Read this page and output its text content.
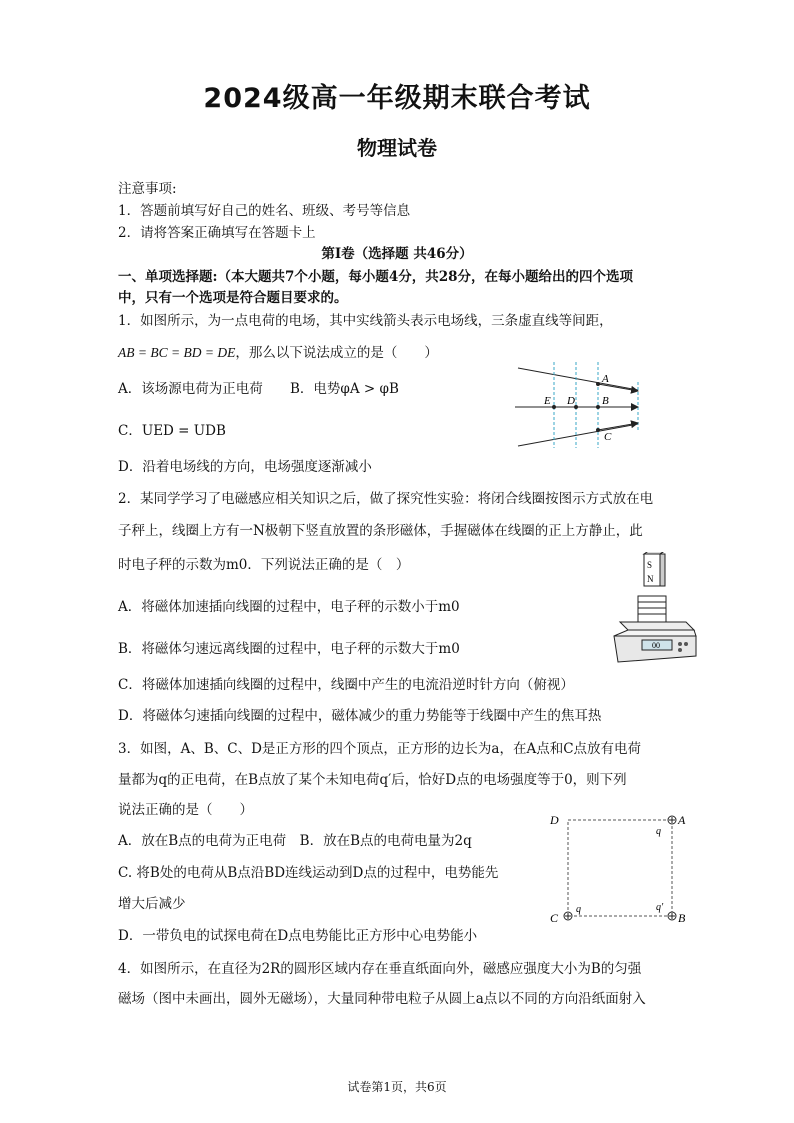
2024级高一年级期末联合考试
物理试卷
注意事项:
1．答题前填写好自己的姓名、班级、考号等信息
2．请将答案正确填写在答题卡上
第I卷（选择题 共46分）
一、单项选择题:（本大题共7个小题，每小题4分，共28分，在每小题给出的四个选项
中，只有一个选项是符合题目要求的。
1．如图所示，为一点电荷的电场，其中实线箭头表示电场线，三条虚直线等间距，
AB = BC = BD = DE，那么以下说法成立的是（　　）
A．该场源电荷为正电荷 B．电势φA > φB
C．UED = UDB
D．沿着电场线的方向，电场强度逐渐减小
A
E D B
C
2．某同学学习了电磁感应相关知识之后，做了探究性实验：将闭合线圈按图示方式放在电
子秤上，线圈上方有一N极朝下竖直放置的条形磁体，手握磁体在线圈的正上方静止，此
时电子秤的示数为m0．下列说法正确的是（　）
A．将磁体加速插向线圈的过程中，电子秤的示数小于m0
B．将磁体匀速远离线圈的过程中，电子秤的示数大于m0
C．将磁体加速插向线圈的过程中，线圈中产生的电流沿逆时针方向（俯视）
D．将磁体匀速插向线圈的过程中，磁体减少的重力势能等于线圈中产生的焦耳热
S
N
00
3．如图，A、B、C、D是正方形的四个顶点，正方形的边长为a，在A点和C点放有电荷
量都为q的正电荷，在B点放了某个未知电荷q′后，恰好D点的电场强度等于0，则下列
说法正确的是（　　）
A．放在B点的电荷为正电荷　B．放在B点的电荷电量为2q
C. 将B处的电荷从B点沿BD连线运动到D点的过程中，电势能先
增大后减少
D．一带负电的试探电荷在D点电势能比正方形中心电势能小
D	A
C	B
q
q	q′
4．如图所示，在直径为2R的圆形区域内存在垂直纸面向外，磁感应强度大小为B的匀强
磁场（图中未画出，圆外无磁场），大量同种带电粒子从圆上a点以不同的方向沿纸面射入
试卷第1页，共6页
